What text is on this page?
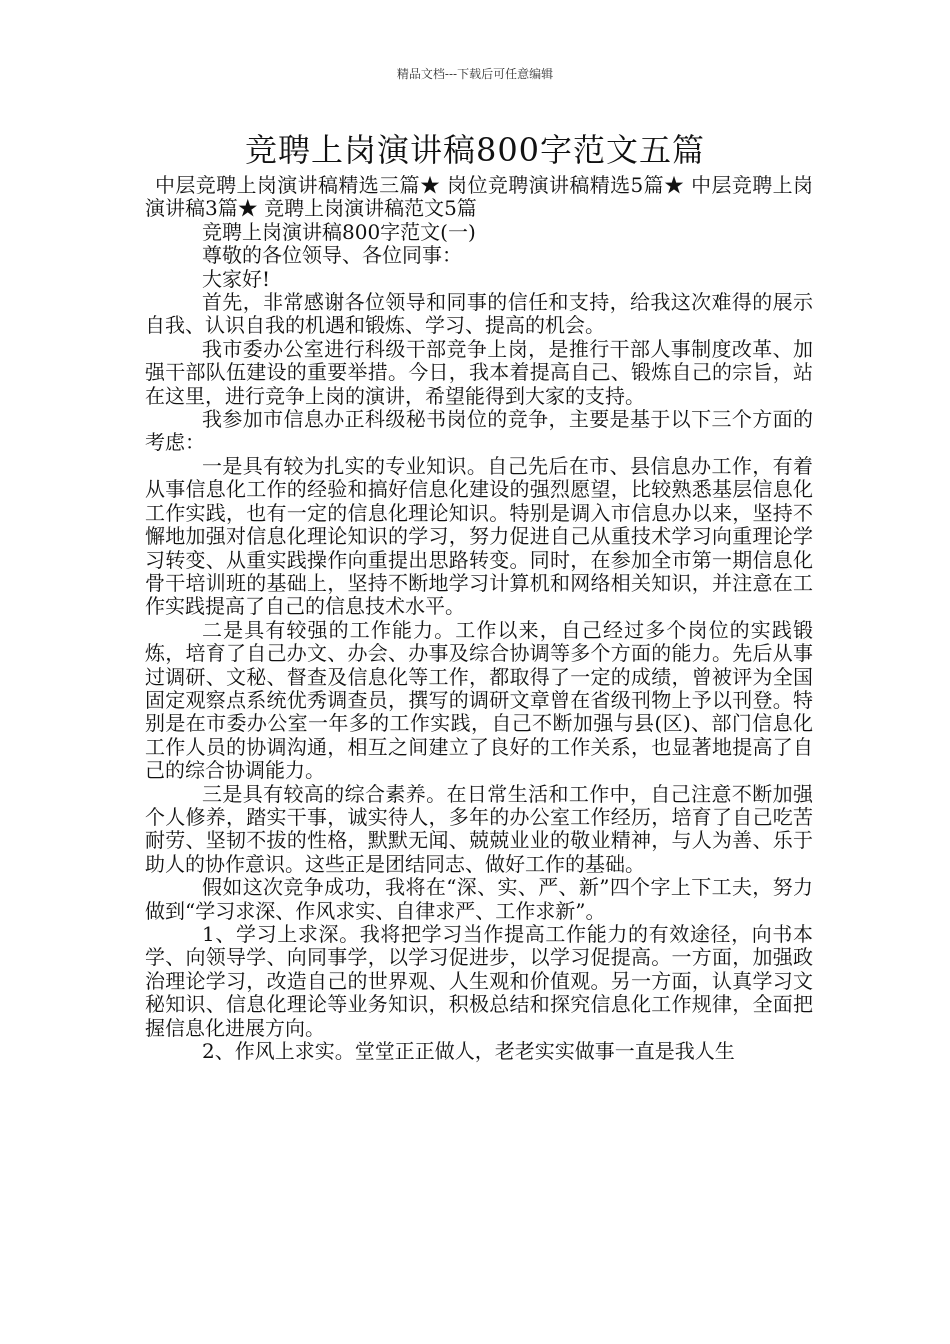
精品文档---下载后可任意编辑
竞聘上岗演讲稿800字范文五篇

中层竞聘上岗演讲稿精选三篇★ 岗位竞聘演讲稿精选5篇★ 中层竞聘上岗演讲稿3篇★ 竞聘上岗演讲稿范文5篇

竞聘上岗演讲稿800字范文(一)

尊敬的各位领导、各位同事：

大家好!

首先，非常感谢各位领导和同事的信任和支持，给我这次难得的展示自我、认识自我的机遇和锻炼、学习、提高的机会。

我市委办公室进行科级干部竞争上岗，是推行干部人事制度改革、加强干部队伍建设的重要举措。今日，我本着提高自己、锻炼自己的宗旨，站在这里，进行竞争上岗的演讲，希望能得到大家的支持。

我参加市信息办正科级秘书岗位的竞争，主要是基于以下三个方面的考虑：

一是具有较为扎实的专业知识。自己先后在市、县信息办工作，有着从事信息化工作的经验和搞好信息化建设的强烈愿望，比较熟悉基层信息化工作实践，也有一定的信息化理论知识。特别是调入市信息办以来，坚持不懈地加强对信息化理论知识的学习，努力促进自己从重技术学习向重理论学习转变、从重实践操作向重提出思路转变。同时，在参加全市第一期信息化骨干培训班的基础上，坚持不断地学习计算机和网络相关知识，并注意在工作实践提高了自己的信息技术水平。

二是具有较强的工作能力。工作以来，自己经过多个岗位的实践锻炼，培育了自己办文、办会、办事及综合协调等多个方面的能力。先后从事过调研、文秘、督查及信息化等工作，都取得了一定的成绩，曾被评为全国固定观察点系统优秀调查员，撰写的调研文章曾在省级刊物上予以刊登。特别是在市委办公室一年多的工作实践，自己不断加强与县(区)、部门信息化工作人员的协调沟通，相互之间建立了良好的工作关系，也显著地提高了自己的综合协调能力。

三是具有较高的综合素养。在日常生活和工作中，自己注意不断加强个人修养，踏实干事，诚实待人，多年的办公室工作经历，培育了自己吃苦耐劳、坚韧不拔的性格，默默无闻、兢兢业业的敬业精神，与人为善、乐于助人的协作意识。这些正是团结同志、做好工作的基础。

假如这次竞争成功，我将在“深、实、严、新”四个字上下工夫，努力做到“学习求深、作风求实、自律求严、工作求新”。

1、学习上求深。我将把学习当作提高工作能力的有效途径，向书本学、向领导学、向同事学，以学习促进步，以学习促提高。一方面，加强政治理论学习，改造自己的世界观、人生观和价值观。另一方面，认真学习文秘知识、信息化理论等业务知识，积极总结和探究信息化工作规律，全面把握信息化进展方向。

2、作风上求实。堂堂正正做人，老老实实做事一直是我人生
